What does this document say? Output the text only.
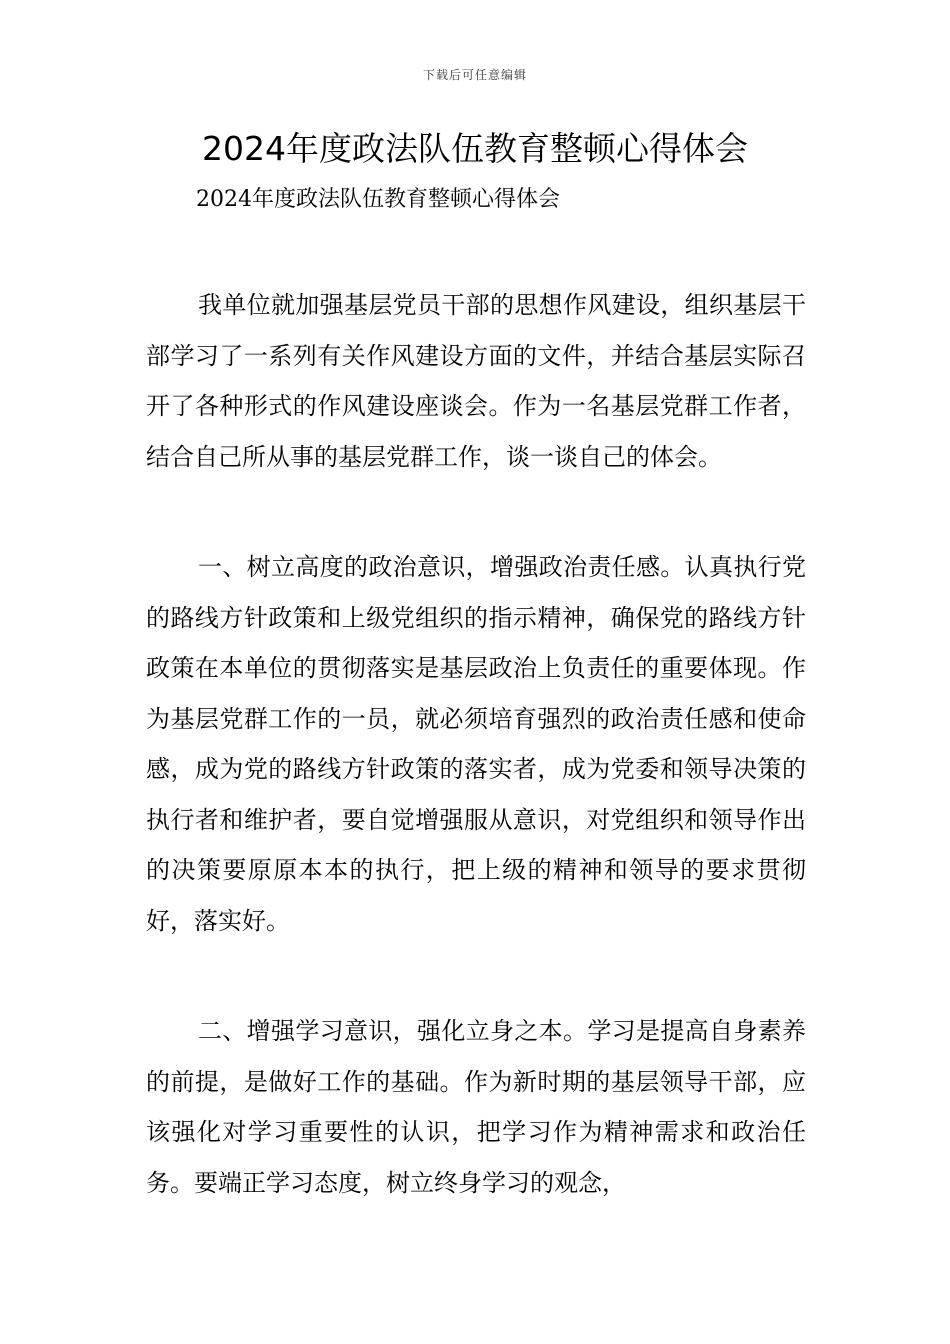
下载后可任意编辑
2024年度政法队伍教育整顿心得体会
2024年度政法队伍教育整顿心得体会

我单位就加强基层党员干部的思想作风建设，组织基层干部学习了一系列有关作风建设方面的文件，并结合基层实际召开了各种形式的作风建设座谈会。作为一名基层党群工作者，结合自己所从事的基层党群工作，谈一谈自己的体会。

一、树立高度的政治意识，增强政治责任感。认真执行党的路线方针政策和上级党组织的指示精神，确保党的路线方针政策在本单位的贯彻落实是基层政治上负责任的重要体现。作为基层党群工作的一员，就必须培育强烈的政治责任感和使命感，成为党的路线方针政策的落实者，成为党委和领导决策的执行者和维护者，要自觉增强服从意识，对党组织和领导作出的决策要原原本本的执行，把上级的精神和领导的要求贯彻好，落实好。

二、增强学习意识，强化立身之本。学习是提高自身素养的前提，是做好工作的基础。作为新时期的基层领导干部，应该强化对学习重要性的认识，把学习作为精神需求和政治任务。要端正学习态度，树立终身学习的观念，
